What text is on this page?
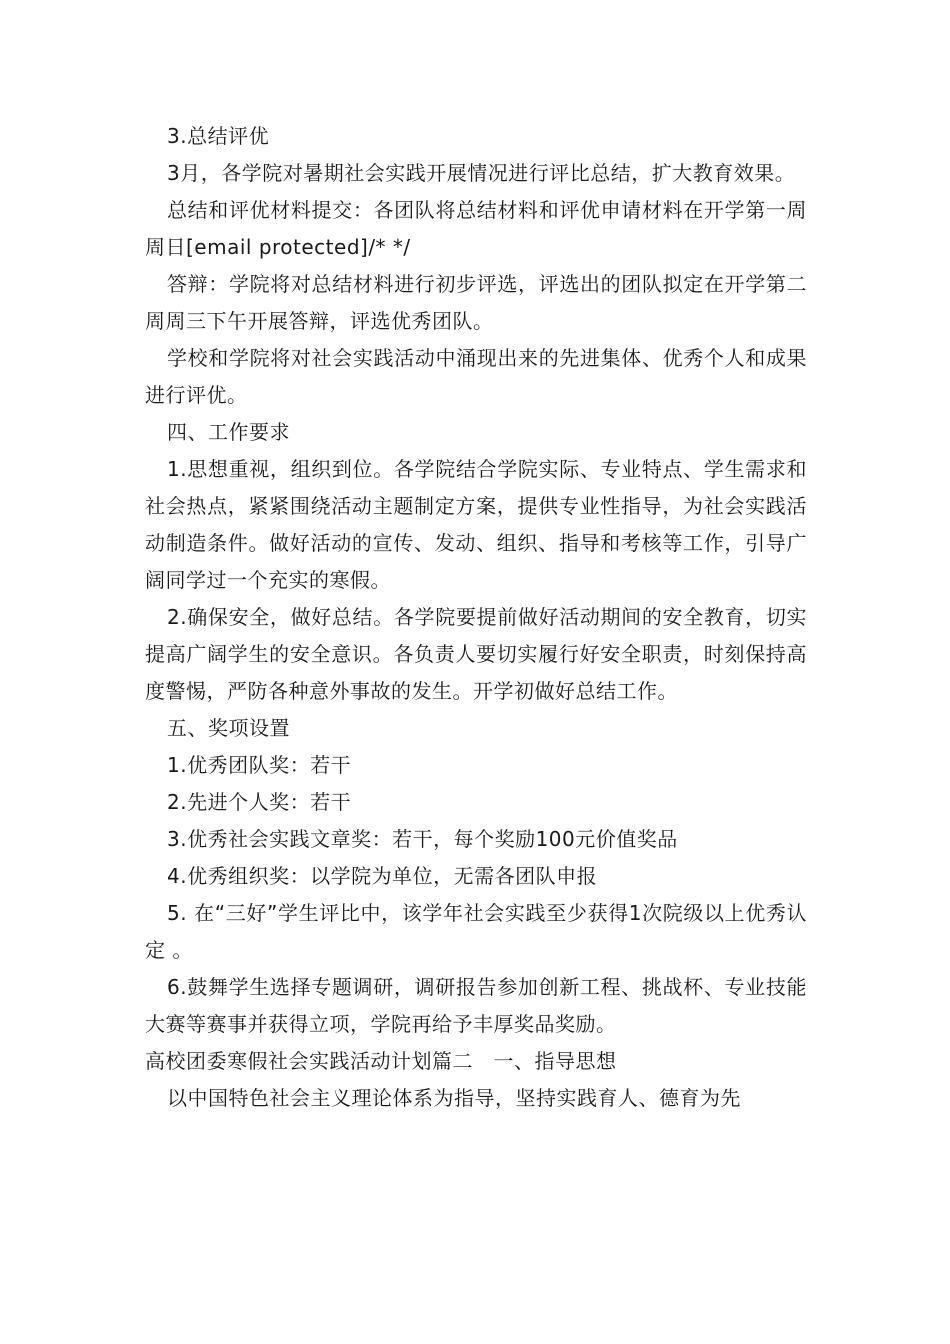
3.总结评优

3月，各学院对暑期社会实践开展情况进行评比总结，扩大教育效果。

总结和评优材料提交：各团队将总结材料和评优申请材料在开学第一周周日[email protected]/* */

答辩：学院将对总结材料进行初步评选，评选出的团队拟定在开学第二周周三下午开展答辩，评选优秀团队。

学校和学院将对社会实践活动中涌现出来的先进集体、优秀个人和成果进行评优。

四、工作要求

1.思想重视，组织到位。各学院结合学院实际、专业特点、学生需求和社会热点，紧紧围绕活动主题制定方案，提供专业性指导，为社会实践活动制造条件。做好活动的宣传、发动、组织、指导和考核等工作，引导广阔同学过一个充实的寒假。

2.确保安全，做好总结。各学院要提前做好活动期间的安全教育，切实提高广阔学生的安全意识。各负责人要切实履行好安全职责，时刻保持高度警惕，严防各种意外事故的发生。开学初做好总结工作。

五、奖项设置

1.优秀团队奖：若干

2.先进个人奖：若干

3.优秀社会实践文章奖：若干，每个奖励100元价值奖品

4.优秀组织奖：以学院为单位，无需各团队申报

5. 在“三好”学生评比中，该学年社会实践至少获得1次院级以上优秀认定 。

6.鼓舞学生选择专题调研，调研报告参加创新工程、挑战杯、专业技能大赛等赛事并获得立项，学院再给予丰厚奖品奖励。

高校团委寒假社会实践活动计划篇二　一、指导思想

以中国特色社会主义理论体系为指导，坚持实践育人、德育为先
